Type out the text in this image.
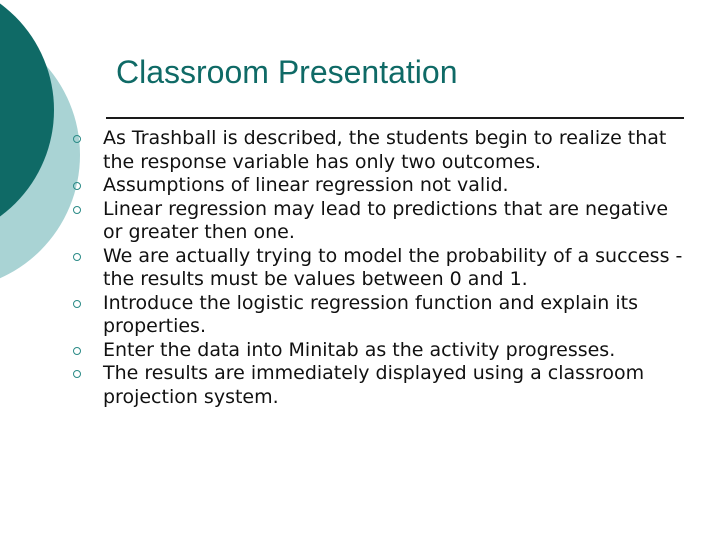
Classroom Presentation
As Trashball is described, the students begin to realize that the response variable has only two outcomes.
Assumptions of linear regression not valid.
Linear regression may lead to predictions that are negative or greater then one.
We are actually trying to model the probability of a success - the results must be values between 0 and 1.
Introduce the logistic regression function and explain its properties.
Enter the data into Minitab as the activity progresses.
The results are immediately displayed using a classroom projection system.
